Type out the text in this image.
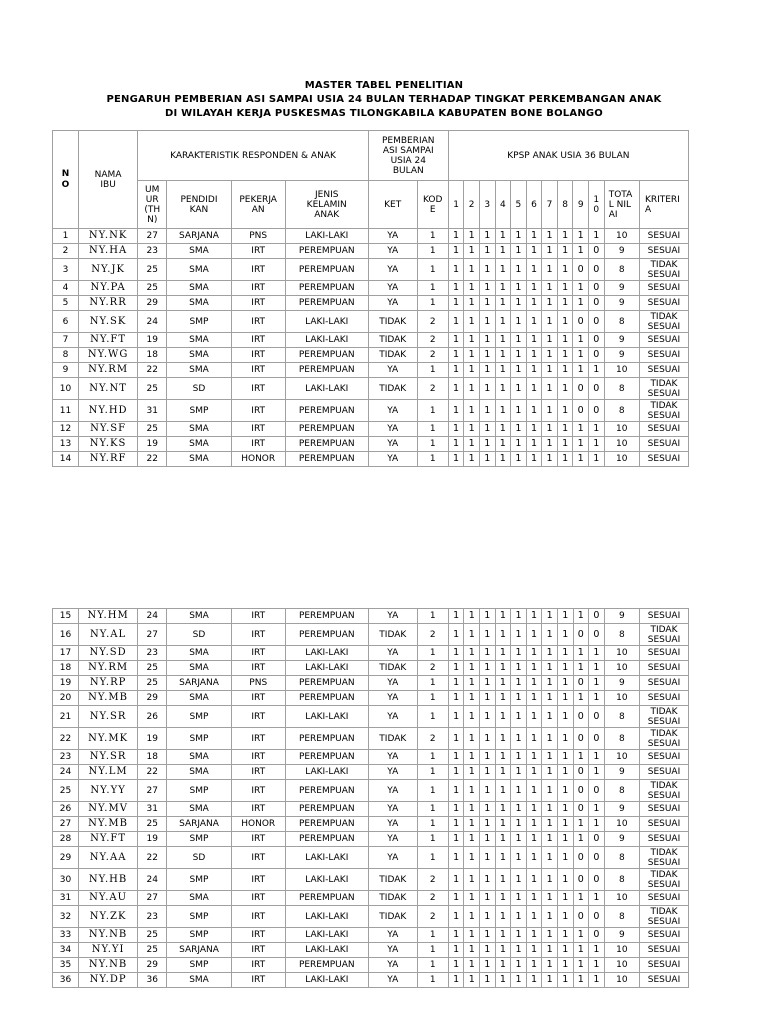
MASTER TABEL PENELITIAN
PENGARUH PEMBERIAN ASI SAMPAI USIA 24 BULAN TERHADAP TINGKAT PERKEMBANGAN ANAK
DI WILAYAH KERJA PUSKESMAS TILONGKABILA KABUPATEN BONE BOLANGO
NO	NAMA IBU	KARAKTERISTIK RESPONDEN & ANAK				PEMBERIAN ASI SAMPAI USIA 24 BULAN		KPSP ANAK USIA 36 BULAN											
		UMUR (THN)	PENDIDIKAN	PEKERJAAN	JENIS KELAMIN ANAK	KET	KODE	1	2	3	4	5	6	7	8	9	10	TOTAL NILAI	KRITERIA
1	NY.NK	27	SARJANA	PNS	LAKI-LAKI	YA	1	1	1	1	1	1	1	1	1	1	1	10	SESUAI
2	NY.HA	23	SMA	IRT	PEREMPUAN	YA	1	1	1	1	1	1	1	1	1	1	0	9	SESUAI
3	NY.JK	25	SMA	IRT	PEREMPUAN	YA	1	1	1	1	1	1	1	1	1	0	0	8	TIDAK SESUAI
4	NY.PA	25	SMA	IRT	PEREMPUAN	YA	1	1	1	1	1	1	1	1	1	1	0	9	SESUAI
5	NY.RR	29	SMA	IRT	PEREMPUAN	YA	1	1	1	1	1	1	1	1	1	1	0	9	SESUAI
6	NY.SK	24	SMP	IRT	LAKI-LAKI	TIDAK	2	1	1	1	1	1	1	1	1	0	0	8	TIDAK SESUAI
7	NY.FT	19	SMA	IRT	LAKI-LAKI	TIDAK	2	1	1	1	1	1	1	1	1	1	0	9	SESUAI
8	NY.WG	18	SMA	IRT	PEREMPUAN	TIDAK	2	1	1	1	1	1	1	1	1	1	0	9	SESUAI
9	NY.RM	22	SMA	IRT	PEREMPUAN	YA	1	1	1	1	1	1	1	1	1	1	1	10	SESUAI
10	NY.NT	25	SD	IRT	LAKI-LAKI	TIDAK	2	1	1	1	1	1	1	1	1	0	0	8	TIDAK SESUAI
11	NY.HD	31	SMP	IRT	PEREMPUAN	YA	1	1	1	1	1	1	1	1	1	0	0	8	TIDAK SESUAI
12	NY.SF	25	SMA	IRT	PEREMPUAN	YA	1	1	1	1	1	1	1	1	1	1	1	10	SESUAI
13	NY.KS	19	SMA	IRT	PEREMPUAN	YA	1	1	1	1	1	1	1	1	1	1	1	10	SESUAI
14	NY.RF	22	SMA	HONOR	PEREMPUAN	YA	1	1	1	1	1	1	1	1	1	1	1	10	SESUAI
15	NY.HM	24	SMA	IRT	PEREMPUAN	YA	1	1	1	1	1	1	1	1	1	1	0	9	SESUAI
16	NY.AL	27	SD	IRT	PEREMPUAN	TIDAK	2	1	1	1	1	1	1	1	1	0	0	8	TIDAK SESUAI
17	NY.SD	23	SMA	IRT	LAKI-LAKI	YA	1	1	1	1	1	1	1	1	1	1	1	10	SESUAI
18	NY.RM	25	SMA	IRT	LAKI-LAKI	TIDAK	2	1	1	1	1	1	1	1	1	1	1	10	SESUAI
19	NY.RP	25	SARJANA	PNS	PEREMPUAN	YA	1	1	1	1	1	1	1	1	1	0	1	9	SESUAI
20	NY.MB	29	SMA	IRT	PEREMPUAN	YA	1	1	1	1	1	1	1	1	1	1	1	10	SESUAI
21	NY.SR	26	SMP	IRT	LAKI-LAKI	YA	1	1	1	1	1	1	1	1	1	0	0	8	TIDAK SESUAI
22	NY.MK	19	SMP	IRT	PEREMPUAN	TIDAK	2	1	1	1	1	1	1	1	1	0	0	8	TIDAK SESUAI
23	NY.SR	18	SMA	IRT	PEREMPUAN	YA	1	1	1	1	1	1	1	1	1	1	1	10	SESUAI
24	NY.LM	22	SMA	IRT	LAKI-LAKI	YA	1	1	1	1	1	1	1	1	1	0	1	9	SESUAI
25	NY.YY	27	SMP	IRT	PEREMPUAN	YA	1	1	1	1	1	1	1	1	1	0	0	8	TIDAK SESUAI
26	NY.MV	31	SMA	IRT	PEREMPUAN	YA	1	1	1	1	1	1	1	1	1	0	1	9	SESUAI
27	NY.MB	25	SARJANA	HONOR	PEREMPUAN	YA	1	1	1	1	1	1	1	1	1	1	1	10	SESUAI
28	NY.FT	19	SMP	IRT	PEREMPUAN	YA	1	1	1	1	1	1	1	1	1	1	0	9	SESUAI
29	NY.AA	22	SD	IRT	LAKI-LAKI	YA	1	1	1	1	1	1	1	1	1	0	0	8	TIDAK SESUAI
30	NY.HB	24	SMP	IRT	LAKI-LAKI	TIDAK	2	1	1	1	1	1	1	1	1	0	0	8	TIDAK SESUAI
31	NY.AU	27	SMA	IRT	PEREMPUAN	TIDAK	2	1	1	1	1	1	1	1	1	1	1	10	SESUAI
32	NY.ZK	23	SMP	IRT	LAKI-LAKI	TIDAK	2	1	1	1	1	1	1	1	1	0	0	8	TIDAK SESUAI
33	NY.NB	25	SMP	IRT	LAKI-LAKI	YA	1	1	1	1	1	1	1	1	1	1	0	9	SESUAI
34	NY.YI	25	SARJANA	IRT	LAKI-LAKI	YA	1	1	1	1	1	1	1	1	1	1	1	10	SESUAI
35	NY.NB	29	SMP	IRT	PEREMPUAN	YA	1	1	1	1	1	1	1	1	1	1	1	10	SESUAI
36	NY.DP	36	SMA	IRT	LAKI-LAKI	YA	1	1	1	1	1	1	1	1	1	1	1	10	SESUAI
